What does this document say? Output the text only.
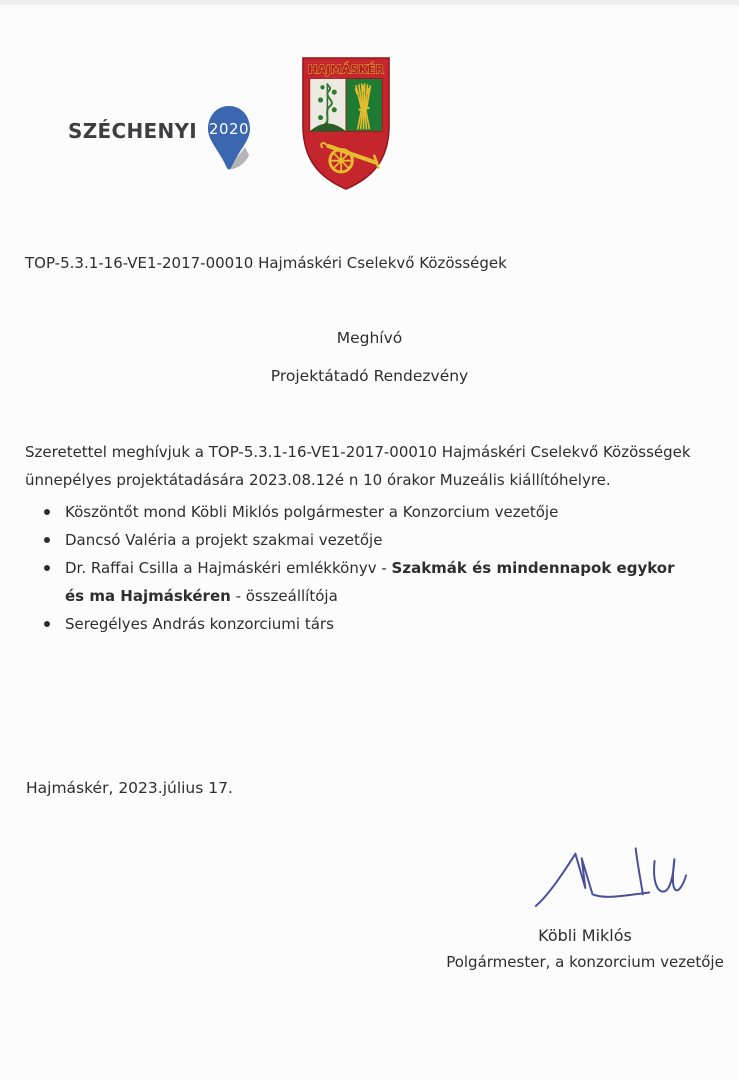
SZÉCHENYI 2020
HAJMÁSKÉR
TOP-5.3.1-16-VE1-2017-00010 Hajmáskéri Cselekvő Közösségek
Meghívó
Projektátadó Rendezvény
Szeretettel meghívjuk a TOP-5.3.1-16-VE1-2017-00010 Hajmáskéri Cselekvő Közösségek ünnepélyes projektátadására 2023.08.12é n 10 órakor Muzeális kiállítóhelyre.
Köszöntőt mond Köbli Miklós polgármester a Konzorcium vezetője
Dancsó Valéria a projekt szakmai vezetője
Dr. Raffai Csilla a Hajmáskéri emlékkönyv - Szakmák és mindennapok egykor és ma Hajmáskéren - összeállítója
Seregélyes András konzorciumi társ
Hajmáskér, 2023.július 17.
Köbli Miklós
Polgármester, a konzorcium vezetője
